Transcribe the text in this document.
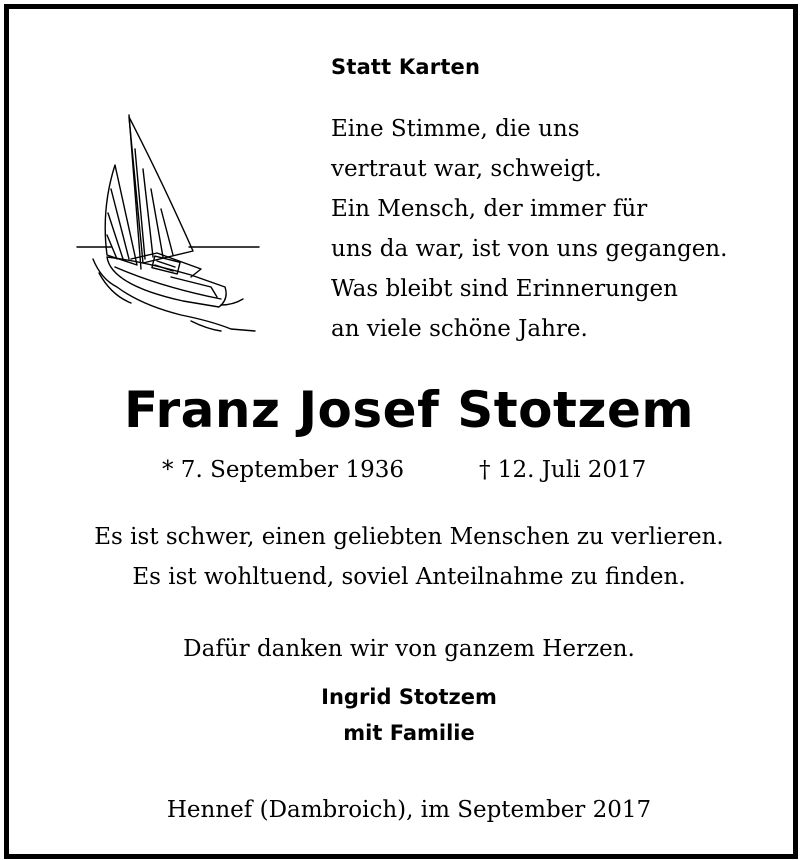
Statt Karten
Eine Stimme, die uns
vertraut war, schweigt.
Ein Mensch, der immer für
uns da war, ist von uns gegangen.
Was bleibt sind Erinnerungen
an viele schöne Jahre.
Franz Josef Stotzem
* 7. September 1936	† 12. Juli 2017
Es ist schwer, einen geliebten Menschen zu verlieren.
Es ist wohltuend, soviel Anteilnahme zu finden.
Dafür danken wir von ganzem Herzen.
Ingrid Stotzem
mit Familie
Hennef (Dambroich), im September 2017
